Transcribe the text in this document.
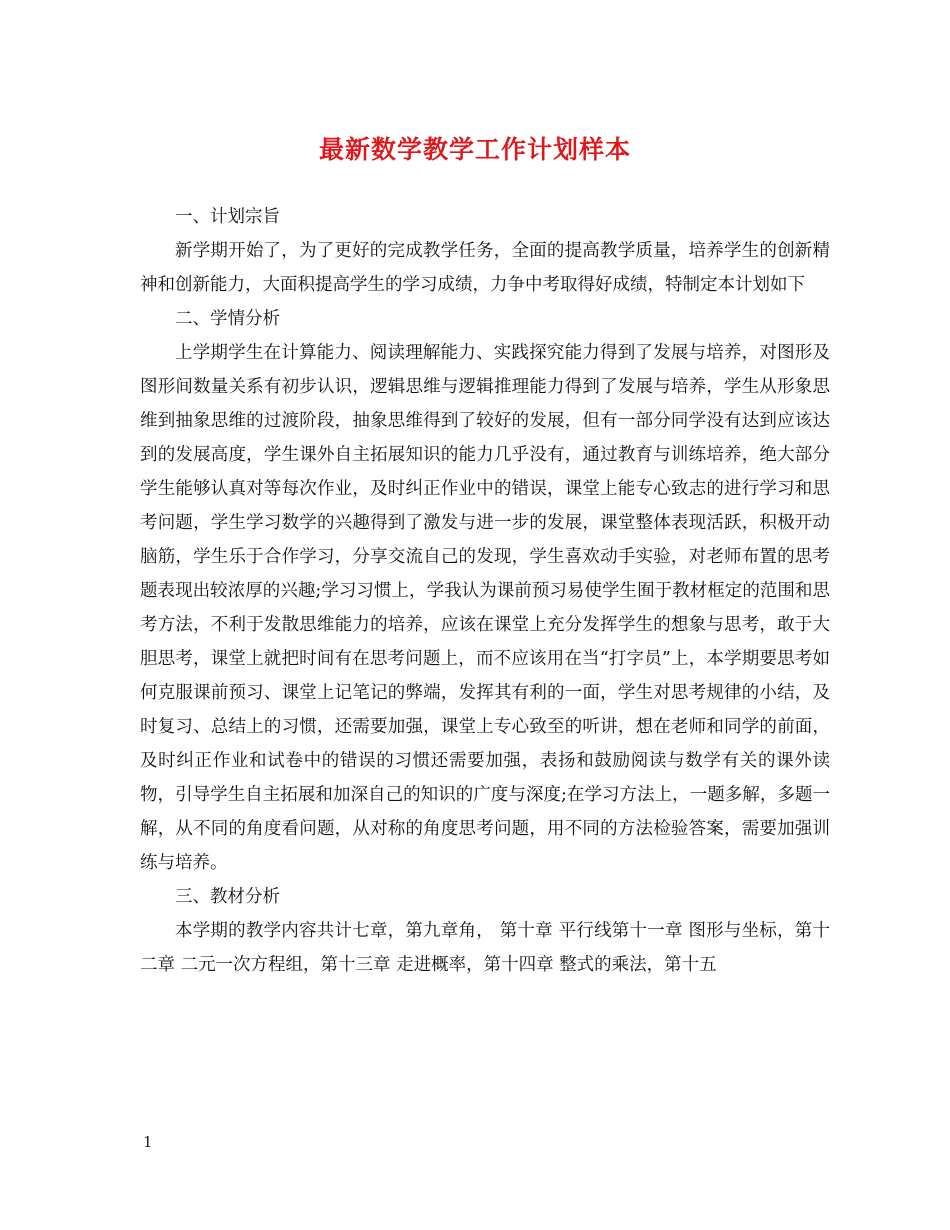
最新数学教学工作计划样本

一、计划宗旨

新学期开始了，为了更好的完成教学任务，全面的提高教学质量，培养学生的创新精神和创新能力，大面积提高学生的学习成绩，力争中考取得好成绩，特制定本计划如下

二、学情分析

上学期学生在计算能力、阅读理解能力、实践探究能力得到了发展与培养，对图形及图形间数量关系有初步认识，逻辑思维与逻辑推理能力得到了发展与培养，学生从形象思维到抽象思维的过渡阶段，抽象思维得到了较好的发展，但有一部分同学没有达到应该达到的发展高度，学生课外自主拓展知识的能力几乎没有，通过教育与训练培养，绝大部分学生能够认真对等每次作业，及时纠正作业中的错误，课堂上能专心致志的进行学习和思考问题，学生学习数学的兴趣得到了激发与进一步的发展，课堂整体表现活跃，积极开动脑筋，学生乐于合作学习，分享交流自己的发现，学生喜欢动手实验，对老师布置的思考题表现出较浓厚的兴趣;学习习惯上，学我认为课前预习易使学生囿于教材框定的范围和思考方法，不利于发散思维能力的培养，应该在课堂上充分发挥学生的想象与思考，敢于大胆思考，课堂上就把时间有在思考问题上，而不应该用在当“打字员”上，本学期要思考如何克服课前预习、课堂上记笔记的弊端，发挥其有利的一面，学生对思考规律的小结，及时复习、总结上的习惯，还需要加强，课堂上专心致至的听讲，想在老师和同学的前面，及时纠正作业和试卷中的错误的习惯还需要加强，表扬和鼓励阅读与数学有关的课外读物，引导学生自主拓展和加深自己的知识的广度与深度;在学习方法上，一题多解，多题一解，从不同的角度看问题，从对称的角度思考问题，用不同的方法检验答案，需要加强训练与培养。

三、教材分析

本学期的教学内容共计七章，第九章角， 第十章 平行线第十一章 图形与坐标，第十二章 二元一次方程组，第十三章 走进概率，第十四章 整式的乘法，第十五

1
